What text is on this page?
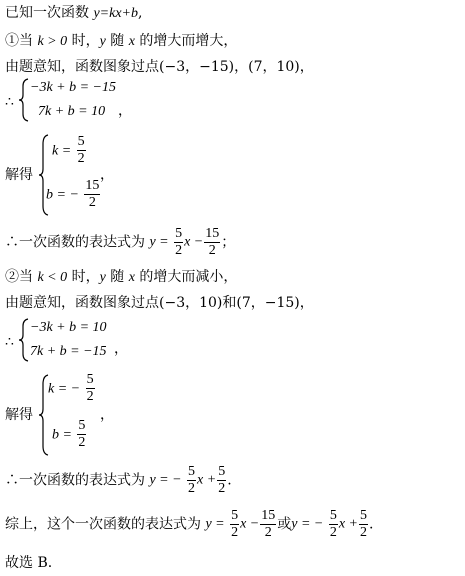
已知一次函数 y=kx+b,
①当 k > 0 时，y 随 x 的增大而增大，
由题意知，函数图象过点(−3，−15)，(7，10)，
∴
−3k + b = −15
7k + b = 10 ，
解得
$k = \frac{5}{2}$
b = − $\frac{15}{2}$
，
∴一次函数的表达式为 $y = \frac{5}{2}$ $x - \frac{15}{2}$ ；
②当 k < 0 时，y 随 x 的增大而减小，
由题意知，函数图象过点(−3，10)和(7，−15)，
∴
−3k + b = 10
7k + b = −15 ，
解得
k = − $\frac{5}{2}$
$b = \frac{5}{2}$
，
∴一次函数的表达式为 y = − $\frac{5}{2}$ $x + \frac{5}{2}$ .
综上，这个一次函数的表达式为 $y = \frac{5}{2}$ $x - \frac{15}{2}$ 或y = − $\frac{5}{2}$ $x + \frac{5}{2}$ .
故选 B.
